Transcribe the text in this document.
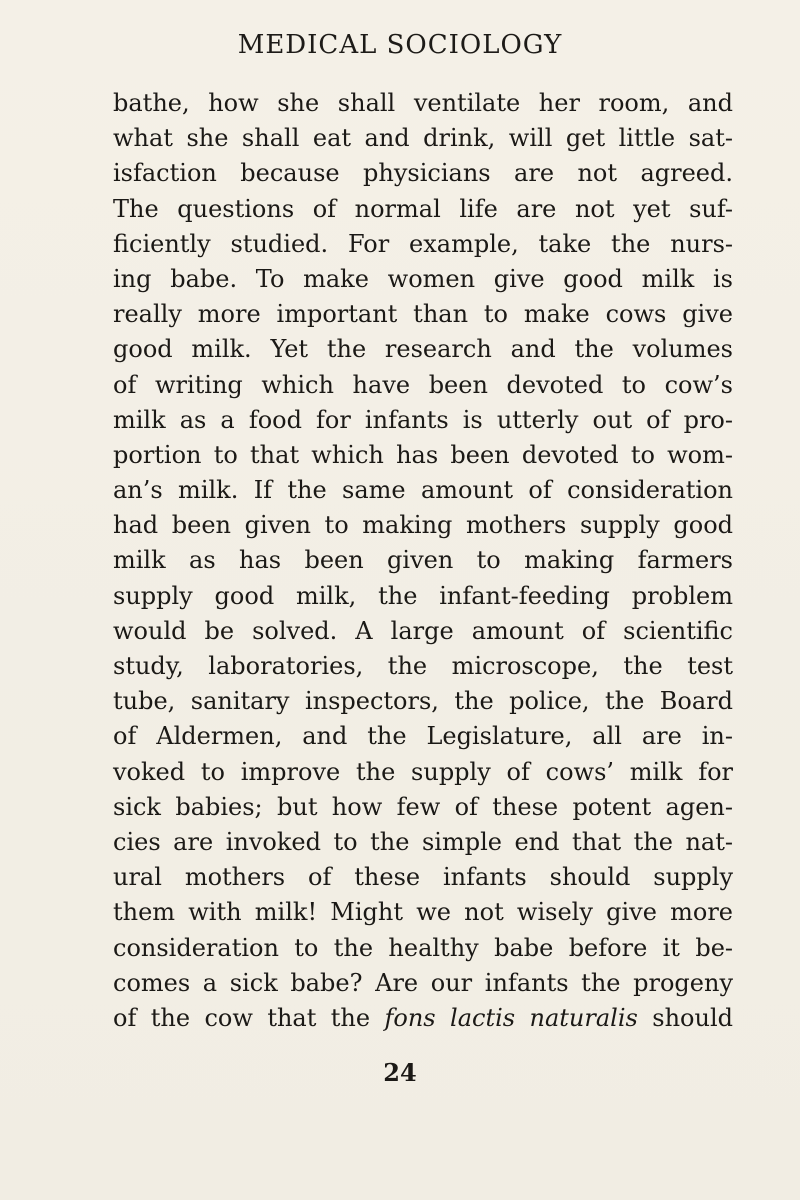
MEDICAL SOCIOLOGY
bathe, how she shall ventilate her room, and
what she shall eat and drink, will get little sat-
isfaction because physicians are not agreed.
The questions of normal life are not yet suf-
ficiently studied. For example, take the nurs-
ing babe. To make women give good milk is
really more important than to make cows give
good milk. Yet the research and the volumes
of writing which have been devoted to cow’s
milk as a food for infants is utterly out of pro-
portion to that which has been devoted to wom-
an’s milk. If the same amount of consideration
had been given to making mothers supply good
milk as has been given to making farmers
supply good milk, the infant-feeding problem
would be solved. A large amount of scientific
study, laboratories, the microscope, the test
tube, sanitary inspectors, the police, the Board
of Aldermen, and the Legislature, all are in-
voked to improve the supply of cows’ milk for
sick babies; but how few of these potent agen-
cies are invoked to the simple end that the nat-
ural mothers of these infants should supply
them with milk! Might we not wisely give more
consideration to the healthy babe before it be-
comes a sick babe? Are our infants the progeny
of the cow that the fons lactis naturalis should
24
